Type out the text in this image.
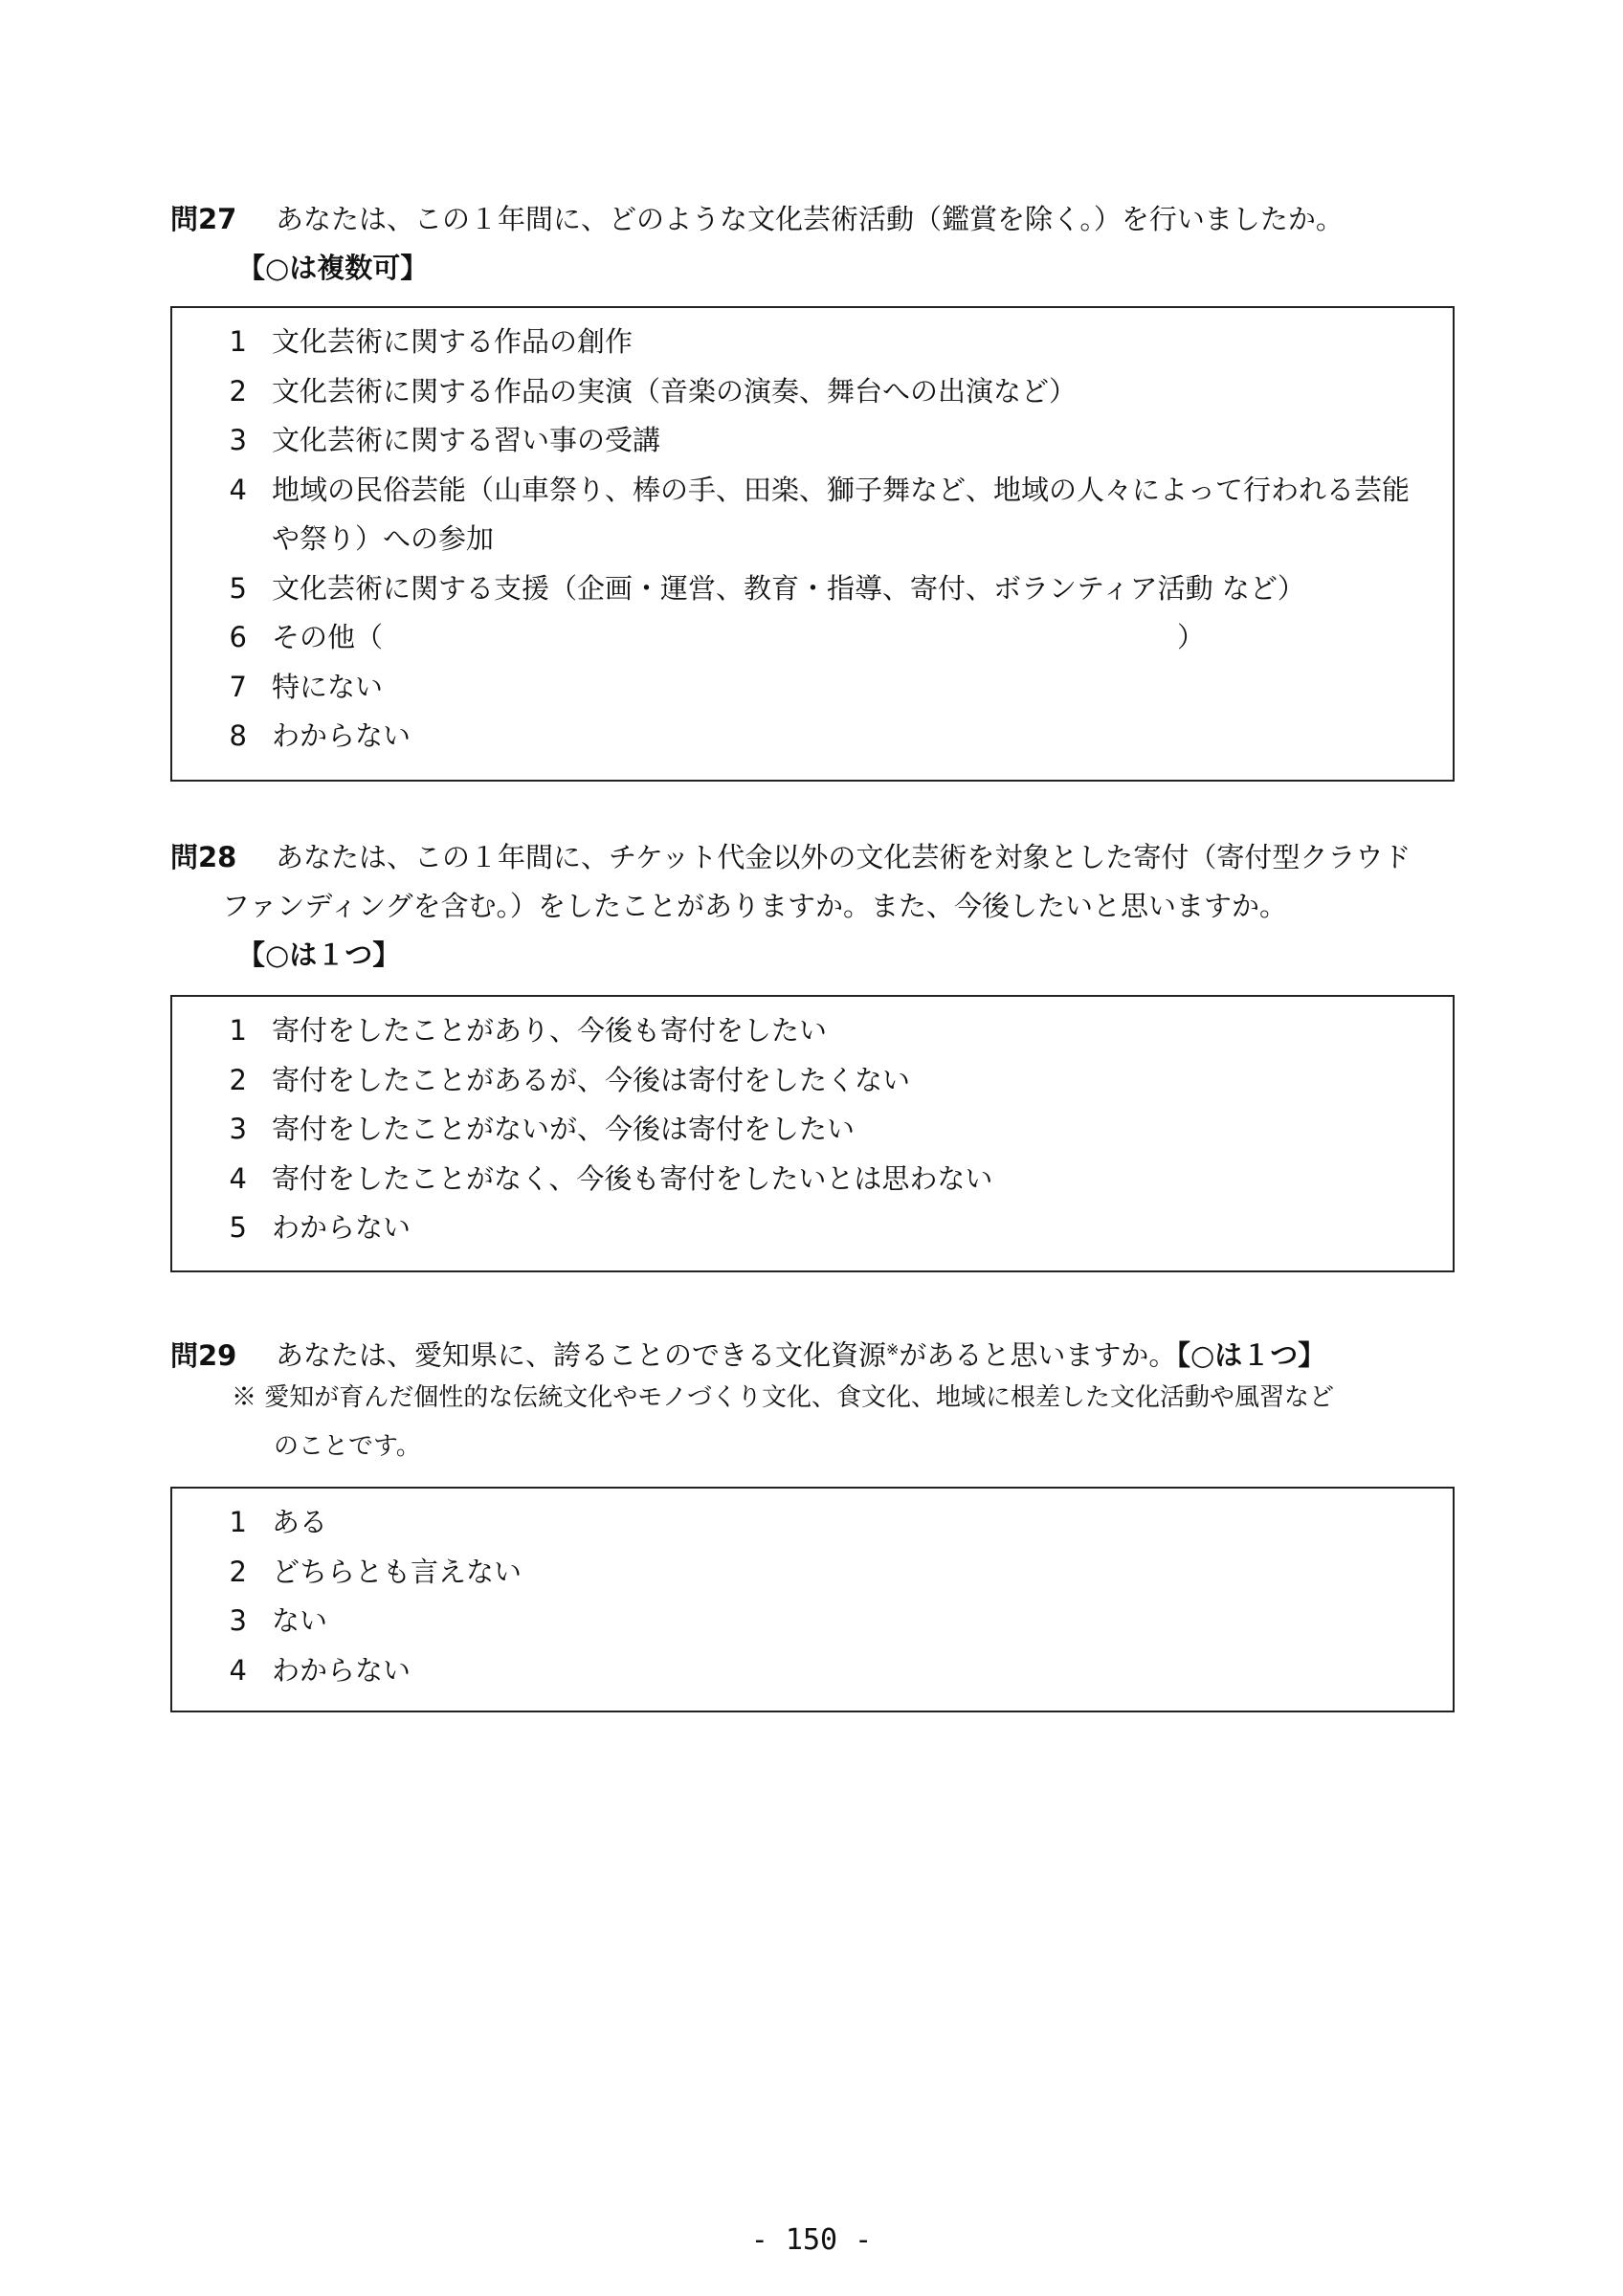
問27 あなたは、この１年間に、どのような文化芸術活動（鑑賞を除く。）を行いましたか。
【○は複数可】
1 文化芸術に関する作品の創作
2 文化芸術に関する作品の実演（音楽の演奏、舞台への出演など）
3 文化芸術に関する習い事の受講
4 地域の民俗芸能（山車祭り、棒の手、田楽、獅子舞など、地域の人々によって行われる芸能
や祭り）への参加
5 文化芸術に関する支援（企画・運営、教育・指導、寄付、ボランティア活動 など）
6 その他（	）
7 特にない
8 わからない
問28 あなたは、この１年間に、チケット代金以外の文化芸術を対象とした寄付（寄付型クラウド
ファンディングを含む。）をしたことがありますか。また、今後したいと思いますか。
【○は１つ】
1 寄付をしたことがあり、今後も寄付をしたい
2 寄付をしたことがあるが、今後は寄付をしたくない
3 寄付をしたことがないが、今後は寄付をしたい
4 寄付をしたことがなく、今後も寄付をしたいとは思わない
5 わからない
問29 あなたは、愛知県に、誇ることのできる文化資源※があると思いますか。【○は１つ】
※ 愛知が育んだ個性的な伝統文化やモノづくり文化、食文化、地域に根差した文化活動や風習など
のことです。
1 ある
2 どちらとも言えない
3 ない
4 わからない
- 150 -
